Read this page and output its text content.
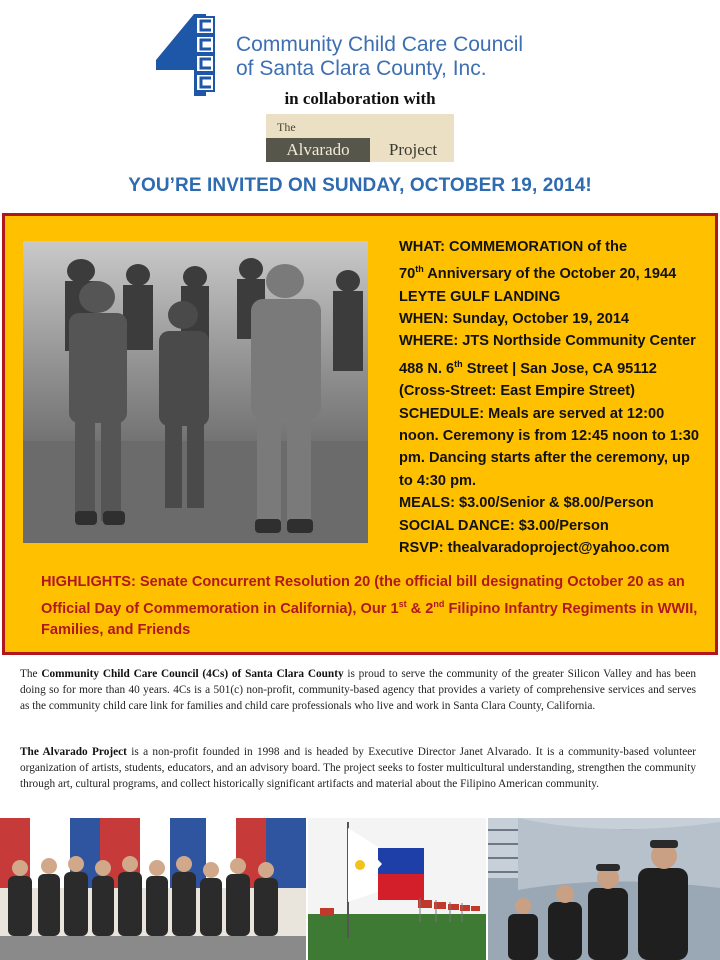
Community Child Care Council
of Santa Clara County, Inc.
in collaboration with
The
Alvarado	Project
YOU’RE INVITED ON SUNDAY, OCTOBER 19, 2014!
WHAT: COMMEMORATION of the
70th Anniversary of the October 20, 1944
LEYTE GULF LANDING
WHEN: Sunday, October 19, 2014
WHERE: JTS Northside Community Center
488 N. 6th Street | San Jose, CA 95112
(Cross-Street: East Empire Street)
SCHEDULE: Meals are served at 12:00
noon. Ceremony is from 12:45 noon to 1:30
pm. Dancing starts after the ceremony, up
to 4:30 pm.
MEALS: $3.00/Senior & $8.00/Person
SOCIAL DANCE: $3.00/Person
RSVP: thealvaradoproject@yahoo.com
HIGHLIGHTS: Senate Concurrent Resolution 20 (the official bill designating October 20 as an Official Day of Commemoration in California), Our 1st & 2nd Filipino Infantry Regiments in WWII, Families, and Friends
The Community Child Care Council (4Cs) of Santa Clara County is proud to serve the community of the greater Silicon Valley and has been doing so for more than 40 years. 4Cs is a 501(c) non-profit, community-based agency that provides a variety of comprehensive services and serves as the community child care link for families and child care professionals who live and work in Santa Clara County, California.
The Alvarado Project is a non-profit founded in 1998 and is headed by Executive Director Janet Alvarado. It is a community-based volunteer organization of artists, students, educators, and an advisory board. The project seeks to foster multicultural understanding, strengthen the community through art, cultural programs, and collect historically significant artifacts and material about the Filipino American community.
